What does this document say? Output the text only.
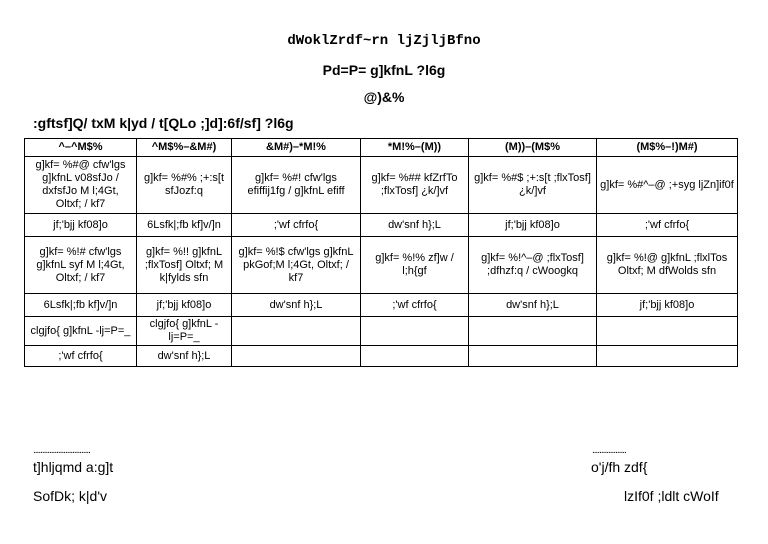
dWoklZrdf~rn ljZjljBfno
Pd=P= g]kfnL ?l6g
@)&%
:gftsf]Q/ txM k|yd / t[QLo ;]d]:6f/sf] ?l6g
^–^M$%	^M$%–&M#)	&M#)–*M!%	*M!%–(M))	(M))–(M$%	(M$%–!)M#)
g]kf= %#@ cfw'lgs g]kfnL v08sfJo / dxfsfJo M l;4Gt, Oltxf; / kf7	g]kf= %#% ;+:s[t sfJozf:q	g]kf= %#! cfw'lgs efiffij1fg / g]kfnL efiff	g]kf= %## kfZrfTo ;flxTosf] ¿k/]vf	g]kf= %#$ ;+:s[t ;flxTosf] ¿k/]vf	g]kf= %#^–@ ;+syg ljZn]if0f
jf;'bjj kf08]o	6Lsfk|;fb kf]v/]n	;'wf cfrfo{	dw'snf h};L	jf;'bjj kf08]o	;'wf cfrfo{
g]kf= %!# cfw'lgs g]kfnL syf M l;4Gt, Oltxf; / kf7	g]kf= %!! g]kfnL ;flxTosf] Oltxf; M k|fylds sfn	g]kf= %!$ cfw'lgs g]kfnL pkGof;M l;4Gt, Oltxf; / kf7	g]kf= %!% zf]w / l;h{gf	g]kf= %!^–@ ;flxTosf] ;dfhzf:q / cWoogkq	g]kf= %!@ g]kfnL ;flxlTos Oltxf; M dfWolds sfn
6Lsfk|;fb kf]v/]n	jf;'bjj kf08]o	dw'snf h};L	;'wf cfrfo{	dw'snf h};L	jf;'bjj kf08]o
clgjfo{ g]kfnL -lj=P=_	clgjfo{ g]kfnL -lj=P=_				
;'wf cfrfo{	dw'snf h};L				
................................	...................
t]hljqmd a:g]t	o'j/fh zdf{
SofDk; k|d'v	lzIf0f ;ldlt cWoIf
